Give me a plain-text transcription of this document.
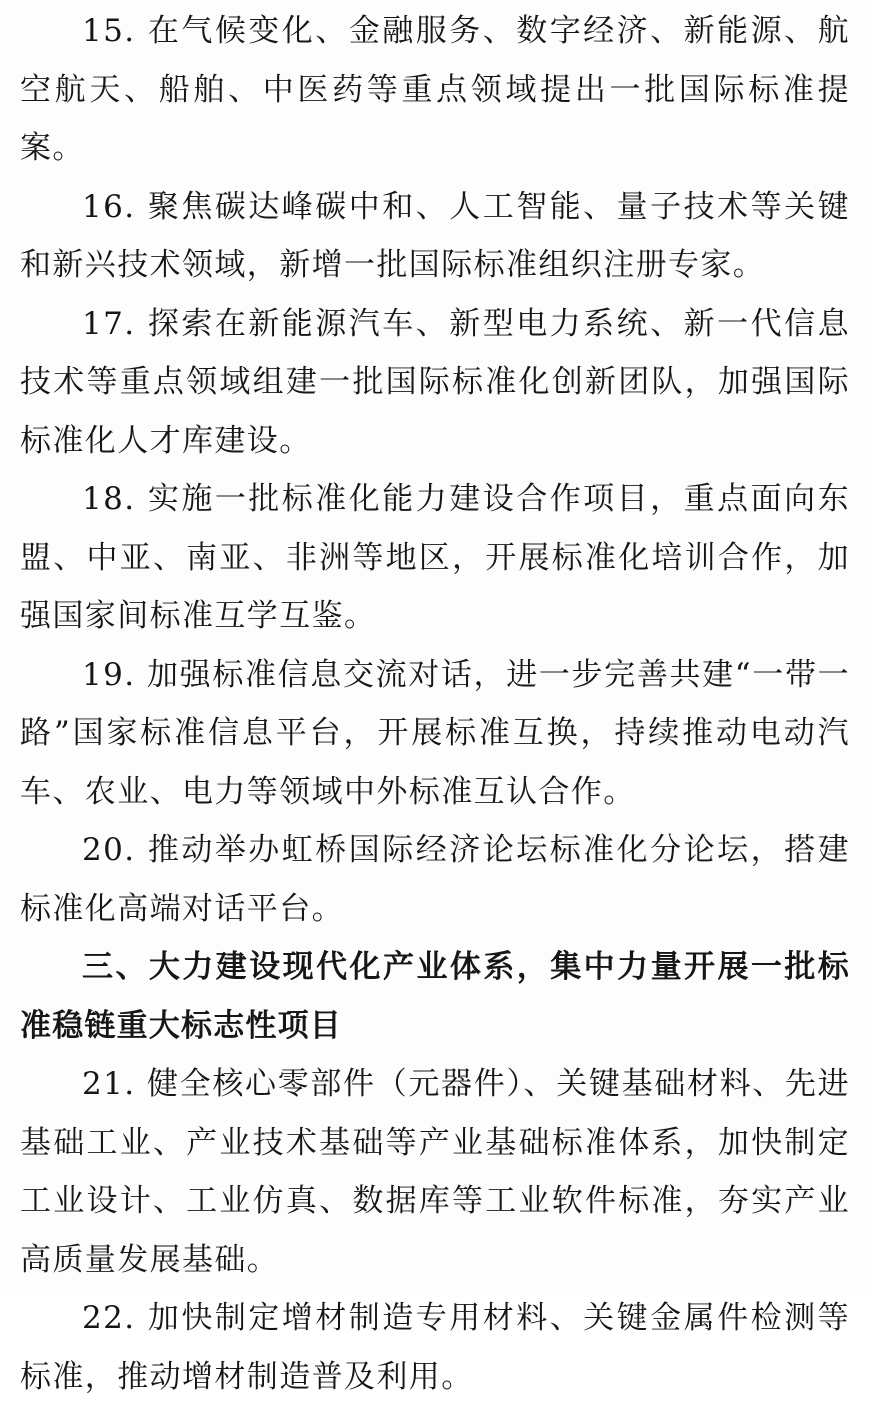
15. 在气候变化、金融服务、数字经济、新能源、航空航天、船舶、中医药等重点领域提出一批国际标准提案。

16. 聚焦碳达峰碳中和、人工智能、量子技术等关键和新兴技术领域，新增一批国际标准组织注册专家。

17. 探索在新能源汽车、新型电力系统、新一代信息技术等重点领域组建一批国际标准化创新团队，加强国际标准化人才库建设。

18. 实施一批标准化能力建设合作项目，重点面向东盟、中亚、南亚、非洲等地区，开展标准化培训合作，加强国家间标准互学互鉴。

19. 加强标准信息交流对话，进一步完善共建“一带一路”国家标准信息平台，开展标准互换，持续推动电动汽车、农业、电力等领域中外标准互认合作。

20. 推动举办虹桥国际经济论坛标准化分论坛，搭建标准化高端对话平台。

三、大力建设现代化产业体系，集中力量开展一批标准稳链重大标志性项目

21. 健全核心零部件（元器件）、关键基础材料、先进基础工业、产业技术基础等产业基础标准体系，加快制定工业设计、工业仿真、数据库等工业软件标准，夯实产业高质量发展基础。

22. 加快制定增材制造专用材料、关键金属件检测等标准，推动增材制造普及利用。
